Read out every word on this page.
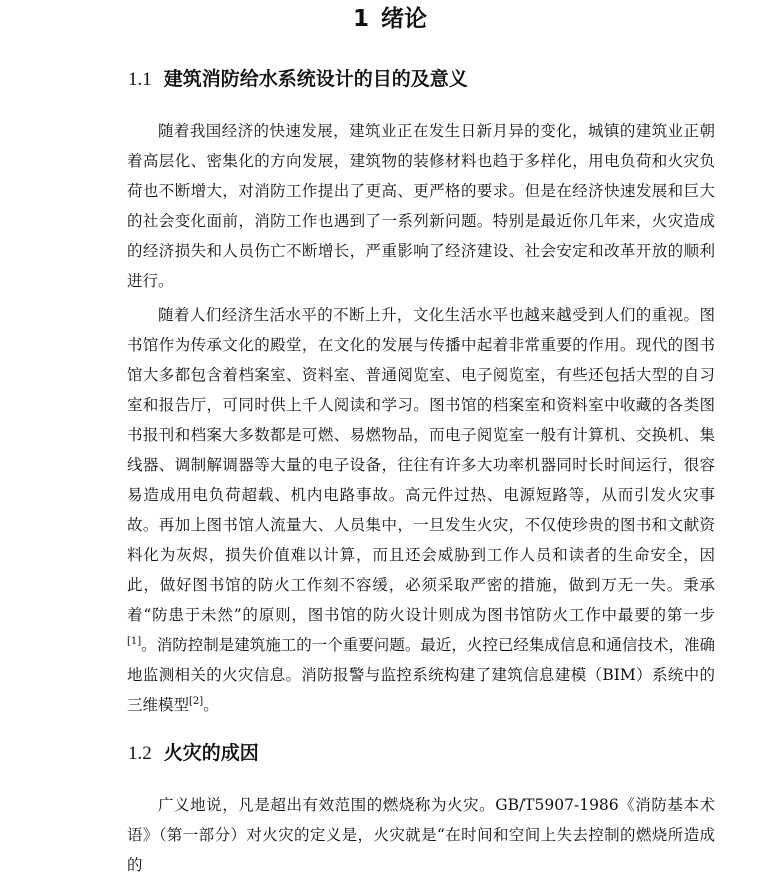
1 绪论
1.1 建筑消防给水系统设计的目的及意义

随着我国经济的快速发展，建筑业正在发生日新月异的变化，城镇的建筑业正朝着高层化、密集化的方向发展，建筑物的装修材料也趋于多样化，用电负荷和火灾负荷也不断增大，对消防工作提出了更高、更严格的要求。但是在经济快速发展和巨大的社会变化面前，消防工作也遇到了一系列新问题。特别是最近你几年来，火灾造成的经济损失和人员伤亡不断增长，严重影响了经济建设、社会安定和改革开放的顺利进行。

随着人们经济生活水平的不断上升，文化生活水平也越来越受到人们的重视。图书馆作为传承文化的殿堂，在文化的发展与传播中起着非常重要的作用。现代的图书馆大多都包含着档案室、资料室、普通阅览室、电子阅览室，有些还包括大型的自习室和报告厅，可同时供上千人阅读和学习。图书馆的档案室和资料室中收藏的各类图书报刊和档案大多数都是可燃、易燃物品，而电子阅览室一般有计算机、交换机、集线器、调制解调器等大量的电子设备，往往有许多大功率机器同时长时间运行，很容易造成用电负荷超载、机内电路事故。高元件过热、电源短路等，从而引发火灾事故。再加上图书馆人流量大、人员集中，一旦发生火灾，不仅使珍贵的图书和文献资料化为灰烬，损失价值难以计算，而且还会威胁到工作人员和读者的生命安全，因此，做好图书馆的防火工作刻不容缓，必须采取严密的措施，做到万无一失。秉承着“防患于未然”的原则，图书馆的防火设计则成为图书馆防火工作中最要的第一步[1]。消防控制是建筑施工的一个重要问题。最近，火控已经集成信息和通信技术，准确地监测相关的火灾信息。消防报警与监控系统构建了建筑信息建模（BIM）系统中的三维模型[2]。

1.2 火灾的成因

广义地说，凡是超出有效范围的燃烧称为火灾。GB/T5907-1986《消防基本术语》（第一部分）对火灾的定义是，火灾就是“在时间和空间上失去控制的燃烧所造成的
